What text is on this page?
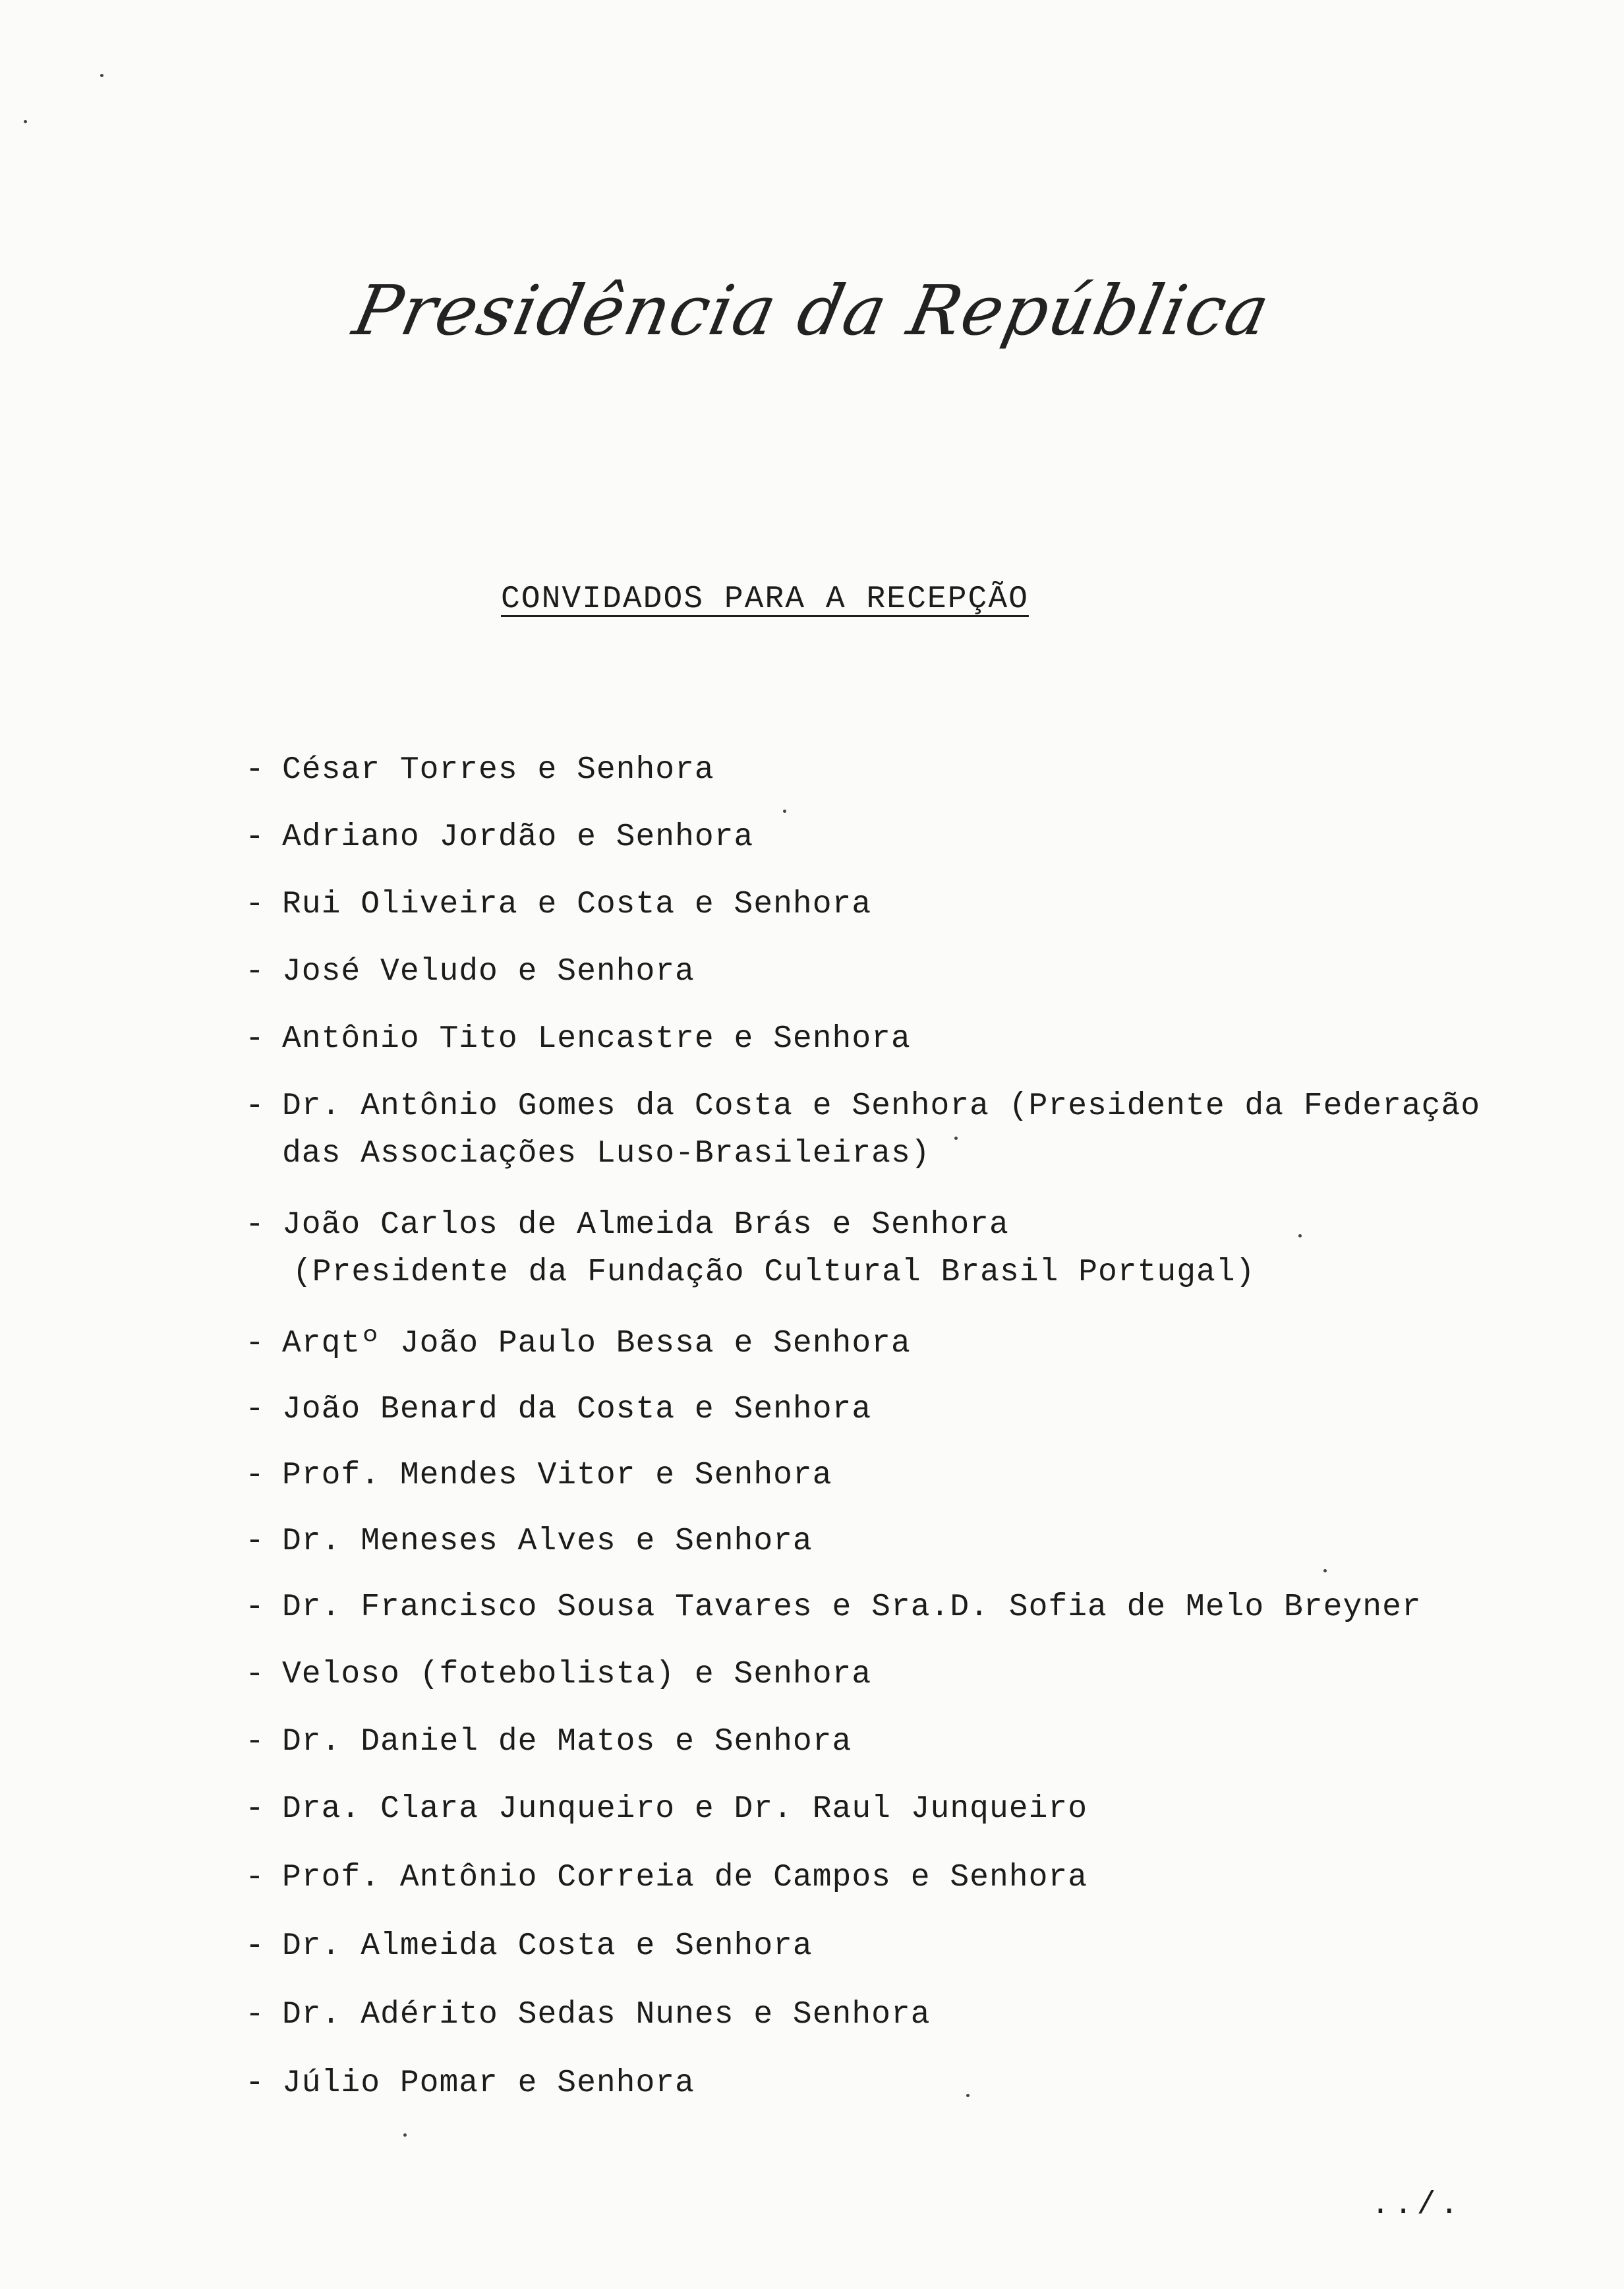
Presidência da República
CONVIDADOS PARA A RECEPÇÃO
- César Torres e Senhora
- Adriano Jordão e Senhora
- Rui Oliveira e Costa e Senhora
- José Veludo e Senhora
- Antônio Tito Lencastre e Senhora
- Dr. Antônio Gomes da Costa e Senhora (Presidente da Federação
das Associações Luso-Brasileiras)
- João Carlos de Almeida Brás e Senhora
(Presidente da Fundação Cultural Brasil Portugal)
- Arqtº João Paulo Bessa e Senhora
- João Benard da Costa e Senhora
- Prof. Mendes Vitor e Senhora
- Dr. Meneses Alves e Senhora
- Dr. Francisco Sousa Tavares e Sra.D. Sofia de Melo Breyner
- Veloso (fotebolista) e Senhora
- Dr. Daniel de Matos e Senhora
- Dra. Clara Junqueiro e Dr. Raul Junqueiro
- Prof. Antônio Correia de Campos e Senhora
- Dr. Almeida Costa e Senhora
- Dr. Adérito Sedas Nunes e Senhora
- Júlio Pomar e Senhora
../.
